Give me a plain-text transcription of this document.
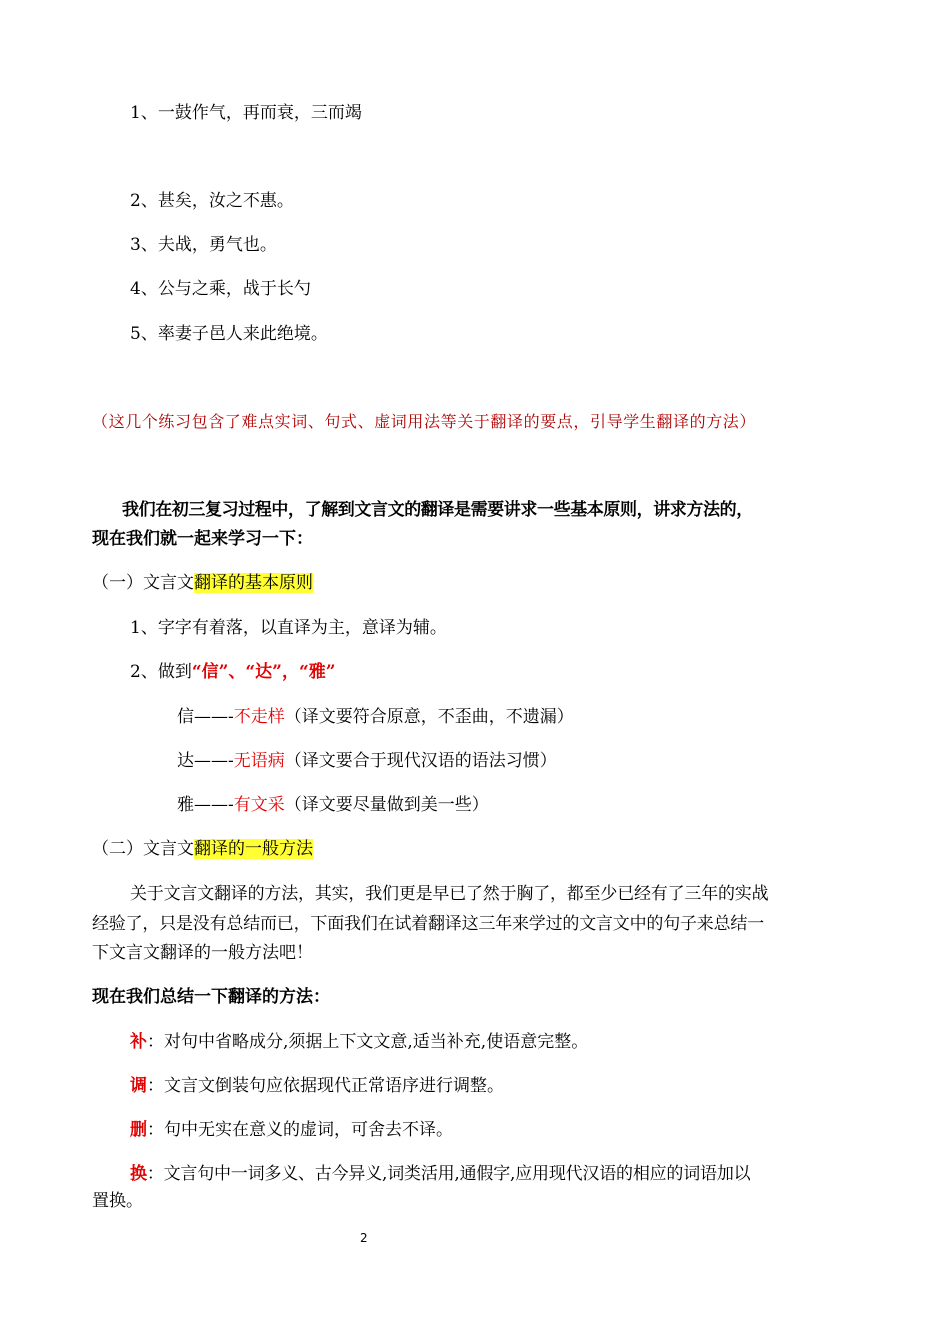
1、一鼓作气，再而衰，三而竭
2、甚矣，汝之不惠。
3、夫战，勇气也。
4、公与之乘，战于长勺
5、率妻子邑人来此绝境。
（这几个练习包含了难点实词、句式、虚词用法等关于翻译的要点，引导学生翻译的方法）
我们在初三复习过程中，了解到文言文的翻译是需要讲求一些基本原则，讲求方法的，
现在我们就一起来学习一下：
（一）文言文翻译的基本原则
1、字字有着落，以直译为主，意译为辅。
2、做到“信”、“达”，“雅”
信——-不走样（译文要符合原意，不歪曲，不遗漏）
达——-无语病（译文要合于现代汉语的语法习惯）
雅——-有文采（译文要尽量做到美一些）
（二）文言文翻译的一般方法
关于文言文翻译的方法，其实，我们更是早已了然于胸了，都至少已经有了三年的实战
经验了，只是没有总结而已，下面我们在试着翻译这三年来学过的文言文中的句子来总结一
下文言文翻译的一般方法吧！
现在我们总结一下翻译的方法：
补：对句中省略成分,须据上下文文意,适当补充,使语意完整。
调：文言文倒装句应依据现代正常语序进行调整。
删：句中无实在意义的虚词，可舍去不译。
换：文言句中一词多义、古今异义,词类活用,通假字,应用现代汉语的相应的词语加以
置换。
2
